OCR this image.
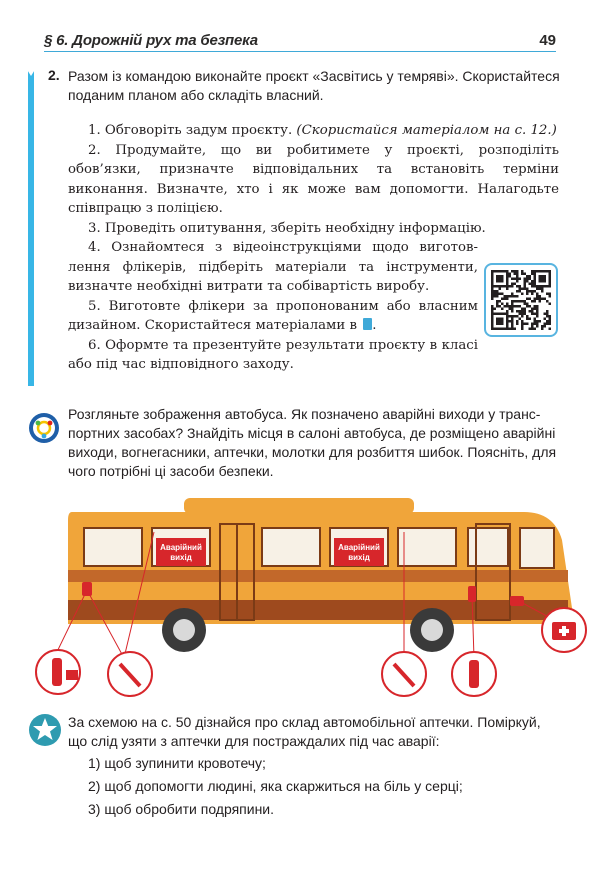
§ 6. Дорожній рух та безпека	49
2. Разом із командою виконайте проєкт «Засвітись у темряві». Скористайтеся поданим планом або складіть власний.

1. Обговоріть задум проєкту. (Скористайся матеріалом на с. 12.)

2. Продумайте, що ви робитимете у проєкті, розподіліть обов’язки, призначте відповідальних та встановіть терміни виконання. Визначте, хто і як може вам допомогти. Налагодьте співпрацю з поліцією.

3. Проведіть опитування, зберіть необхідну інформацію.

4. Ознайомтеся з відеоінструкціями щодо виготовлення флікерів, підберіть матеріали та інструменти, визначте необхідні витрати та собівартість виробу.

5. Виготовте флікери за пропонованим або власним дизайном. Скористайтеся матеріалами в .

6. Оформте та презентуйте результати проєкту в класі або під час відповідного заходу.

Розгляньте зображення автобуса. Як позначено аварійні виходи у транспортних засобах? Знайдіть місця в салоні автобуса, де розміщено аварійні виходи, вогнегасники, аптечки, молотки для розбиття шибок. Поясніть, для чого потрібні ці засоби безпеки.
Аварійний
вихід
Аварійний
вихід
За схемою на с. 50 дізнайся про склад автомобільної аптечки. Поміркуй, що слід узяти з аптечки для постраждалих під час аварії:
1) щоб зупинити кровотечу;
2) щоб допомогти людині, яка скаржиться на біль у серці;
3) щоб обробити подряпини.
